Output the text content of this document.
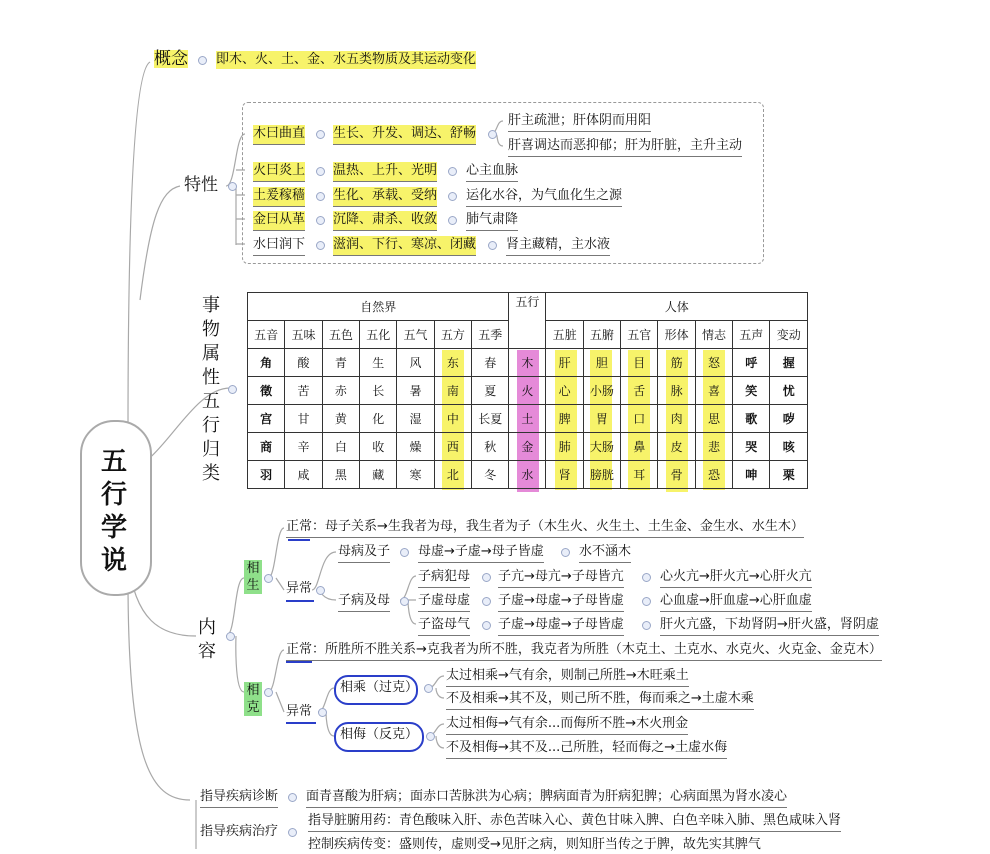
五行学说
概念 即木、火、土、金、水五类物质及其运动变化
特性
木曰曲直 生长、升发、调达、舒畅
肝主疏泄；肝体阴而用阳
肝喜调达而恶抑郁；肝为肝脏，主升主动
火曰炎上 温热、上升、光明 心主血脉
土爰稼穑 生化、承载、受纳 运化水谷，为气血化生之源
金曰从革 沉降、肃杀、收敛 肺气肃降
水曰润下 滋润、下行、寒凉、闭藏 肾主藏精，主水液
事
物
属
性
五
行
归
类
自然界							五行	人体						
五音	五味	五色	五化	五气	五方	五季		五脏	五腑	五官	形体	情志	五声	变动
角	酸	青	生	风	东	春	木	肝	胆	目	筋	怒	呼	握
徵	苦	赤	长	暑	南	夏	火	心	小肠	舌	脉	喜	笑	忧
宫	甘	黄	化	湿	中	长夏	土	脾	胃	口	肉	思	歌	哕
商	辛	白	收	燥	西	秋	金	肺	大肠	鼻	皮	悲	哭	咳
羽	咸	黑	藏	寒	北	冬	水	肾	膀胱	耳	骨	恐	呻	栗
内容
相生
正常：母子关系→生我者为母，我生者为子（木生火、火生土、土生金、金生水、水生木）
异常
母病及子 母虚→子虚→母子皆虚	水不涵木
子病及母
子病犯母 子亢→母亢→子母皆亢	心火亢→肝火亢→心肝火亢
子虚母虚 子虚→母虚→子母皆虚	心血虚→肝血虚→心肝血虚
子盗母气 子虚→母虚→子母皆虚	肝火亢盛，下劫肾阴→肝火盛，肾阴虚
相克
正常：所胜所不胜关系→克我者为所不胜，我克者为所胜（木克土、土克水、水克火、火克金、金克木）
异常
相乘（过克）
太过相乘→气有余，则制己所胜→木旺乘土
不及相乘→其不及，则己所不胜，侮而乘之→土虚木乘
相侮（反克）
太过相侮→气有余...而侮所不胜→木火刑金
不及相侮→其不及...己所胜，轻而侮之→土虚水侮
指导疾病诊断 面青喜酸为肝病；面赤口苦脉洪为心病；脾病面青为肝病犯脾；心病面黑为肾水凌心
指导疾病治疗
指导脏腑用药：青色酸味入肝、赤色苦味入心、黄色甘味入脾、白色辛味入肺、黑色咸味入肾
控制疾病传变：盛则传，虚则受→见肝之病，则知肝当传之于脾，故先实其脾气
